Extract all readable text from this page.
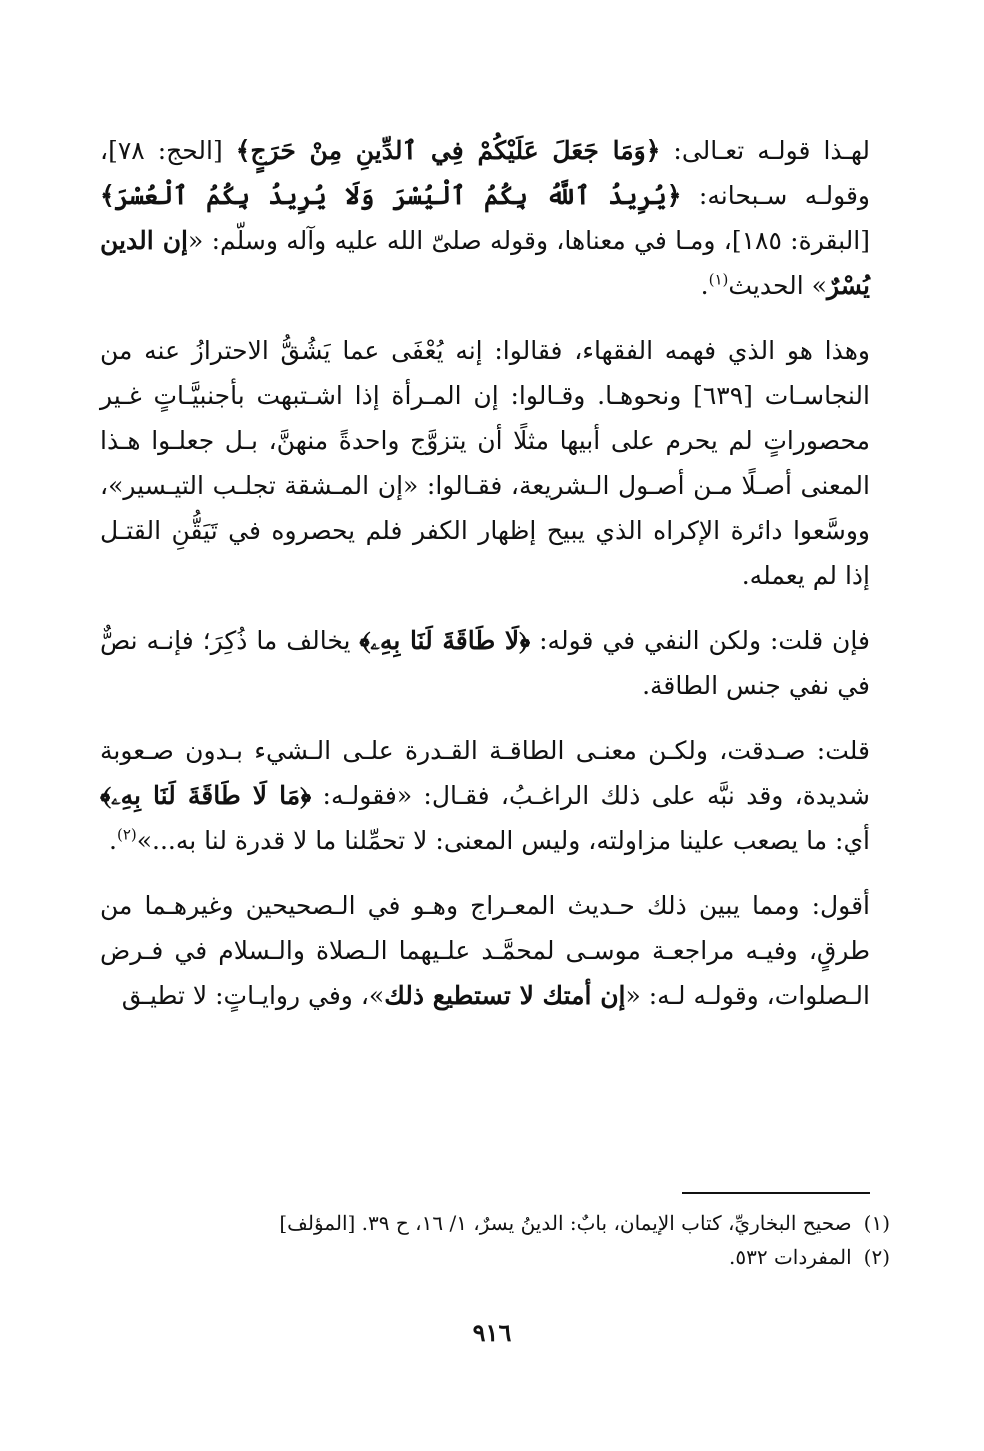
لهـذا قولـه تعـالى: ﴿وَمَا جَعَلَ عَلَيْكُمْ فِي ٱلدِّينِ مِنْ حَرَجٍ﴾ [الحج: ٧٨]، وقولـه سـبحانه: ﴿يُرِيدُ ٱللَّهُ بِكُمُ ٱلْيُسْرَ وَلَا يُرِيدُ بِكُمُ ٱلْعُسْرَ﴾ [البقرة: ١٨٥]، ومـا في معناها، وقوله صلىّ الله عليه وآله وسلّم: «إن الدين يُسْرٌ» الحديث$^{(١)}$.

وهذا هو الذي فهمه الفقهاء، فقالوا: إنه يُعْفَى عما يَشُقُّ الاحترازُ عنه من النجاسـات [٦٣٩] ونحوهـا. وقـالوا: إن المـرأة إذا اشـتبهت بأجنبيَّـاتٍ غـير محصوراتٍ لم يحرم على أبيها مثلًا أن يتزوَّج واحدةً منهنَّ، بـل جعلـوا هـذا المعنى أصـلًا مـن أصـول الـشريعة، فقـالوا: «إن المـشقة تجلـب التيـسير»، ووسَّعوا دائرة الإكراه الذي يبيح إظهار الكفر فلم يحصروه في تَيَقُّنِ القتـل إذا لم يعمله.

فإن قلت: ولكن النفي في قوله: ﴿لَا طَاقَةَ لَنَا بِهِۦ﴾ يخالف ما ذُكِرَ؛ فإنـه نصٌّ في نفي جنس الطاقة.

قلت: صـدقت، ولكـن معنـى الطاقـة القـدرة علـى الـشيء بـدون صـعوبة شديدة، وقد نبَّه على ذلك الراغـبُ، فقـال: «فقولـه: ﴿مَا لَا طَاقَةَ لَنَا بِهِۦ﴾ أي: ما يصعب علينا مزاولته، وليس المعنى: لا تحمِّلنا ما لا قدرة لنا به...»$^{(٢)}$.

أقول: ومما يبين ذلك حـديث المعـراج وهـو في الـصحيحين وغيرهـما من طرقٍ، وفيـه مراجعـة موسـى لمحمَّـد علـيهما الـصلاة والـسلام في فـرض الـصلوات، وقولـه لـه: «إن أمتك لا تستطيع ذلك»، وفي روايـاتٍ: لا تطيـق

(١)صحيح البخاريِّ، كتاب الإيمان، بابٌ: الدينُ يسرٌ، ١/ ١٦، ح ٣٩. [المؤلف]

(٢)المفردات ٥٣٢.

٩١٦
